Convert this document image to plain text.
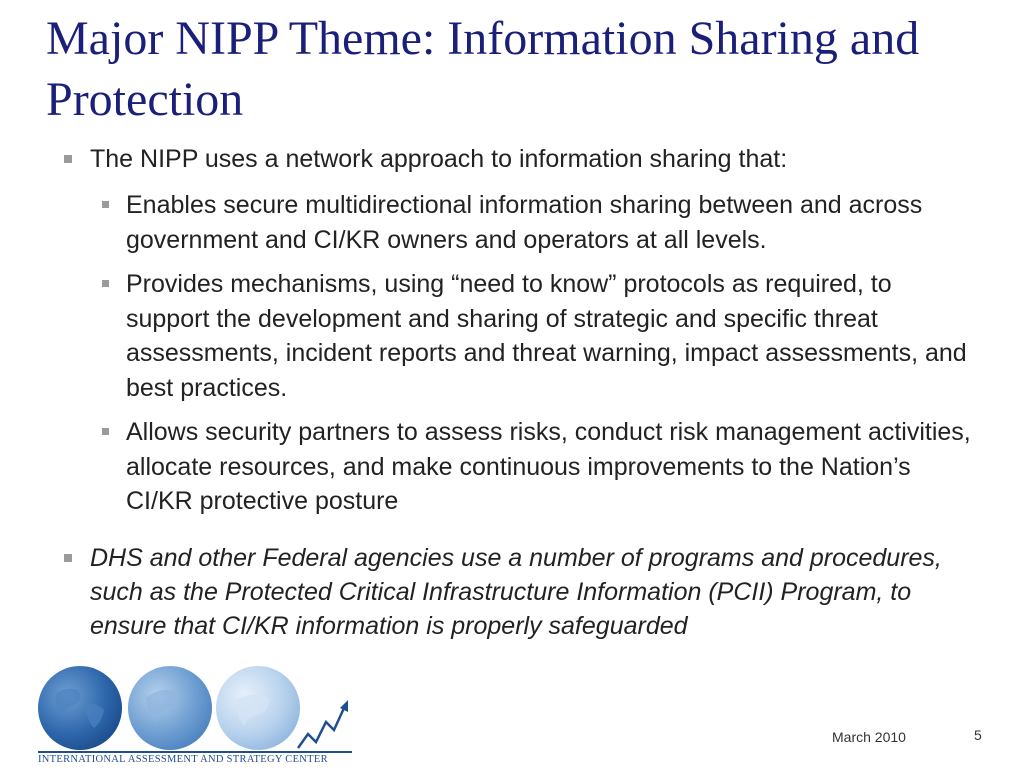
Major NIPP Theme: Information Sharing and Protection
The NIPP uses a network approach to information sharing that:
Enables secure multidirectional information sharing between and across government and CI/KR owners and operators at all levels.
Provides mechanisms, using “need to know” protocols as required, to support the development and sharing of strategic and specific threat assessments, incident reports and threat warning, impact assessments, and best practices.
Allows security partners to assess risks, conduct risk management activities, allocate resources, and make continuous improvements to the Nation’s CI/KR protective posture
DHS and other Federal agencies use a number of programs and procedures, such as the Protected Critical Infrastructure Information (PCII) Program, to ensure that CI/KR information is properly safeguarded
INTERNATIONAL ASSESSMENT AND STRATEGY CENTER
March 2010	5
